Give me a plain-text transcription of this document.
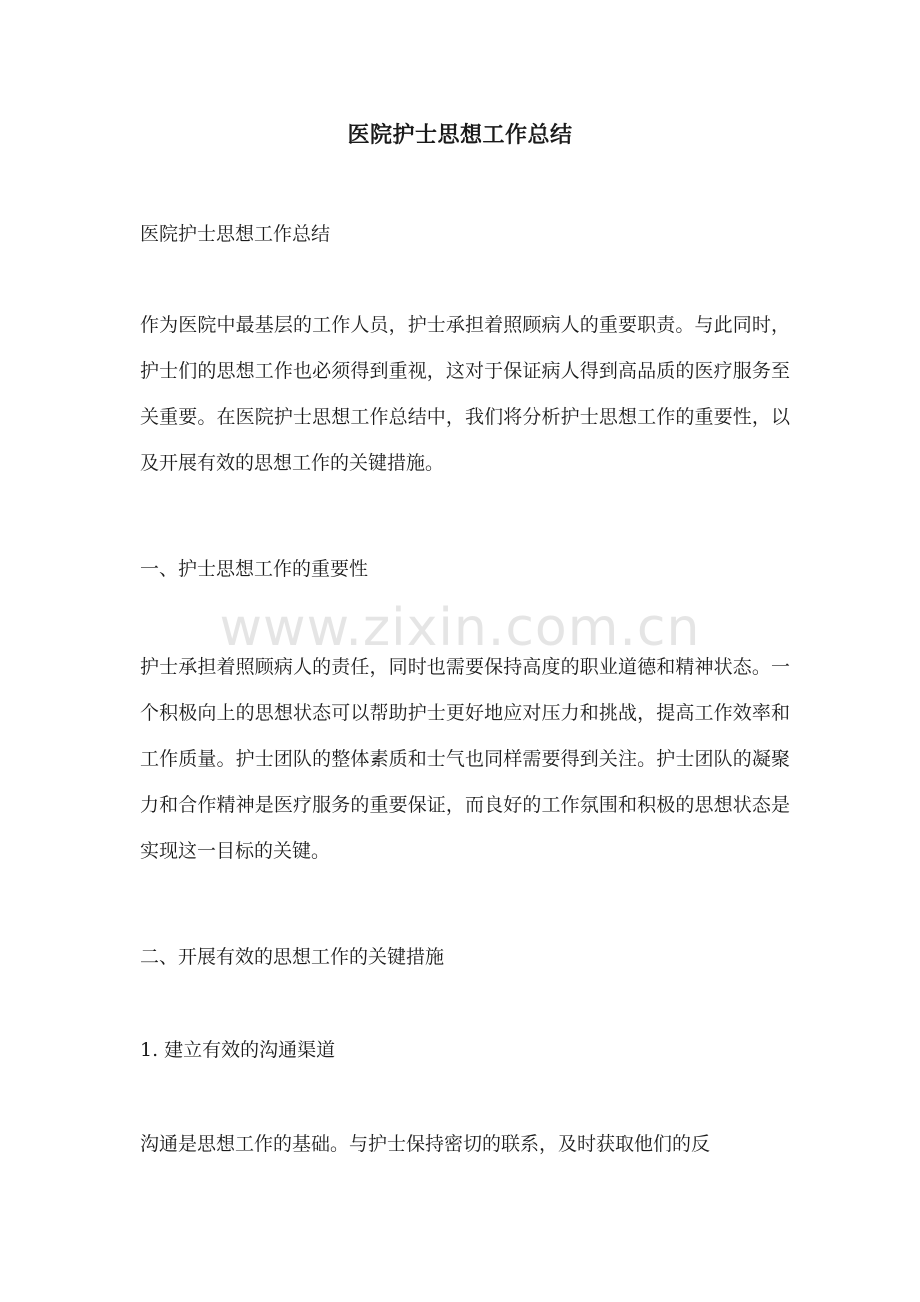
医院护士思想工作总结

医院护士思想工作总结

作为医院中最基层的工作人员，护士承担着照顾病人的重要职责。与此同时，护士们的思想工作也必须得到重视，这对于保证病人得到高品质的医疗服务至关重要。在医院护士思想工作总结中，我们将分析护士思想工作的重要性，以及开展有效的思想工作的关键措施。

一、护士思想工作的重要性

护士承担着照顾病人的责任，同时也需要保持高度的职业道德和精神状态。一个积极向上的思想状态可以帮助护士更好地应对压力和挑战，提高工作效率和工作质量。护士团队的整体素质和士气也同样需要得到关注。护士团队的凝聚力和合作精神是医疗服务的重要保证，而良好的工作氛围和积极的思想状态是实现这一目标的关键。

二、开展有效的思想工作的关键措施

1. 建立有效的沟通渠道

沟通是思想工作的基础。与护士保持密切的联系，及时获取他们的反

www.zixin.com.cn
